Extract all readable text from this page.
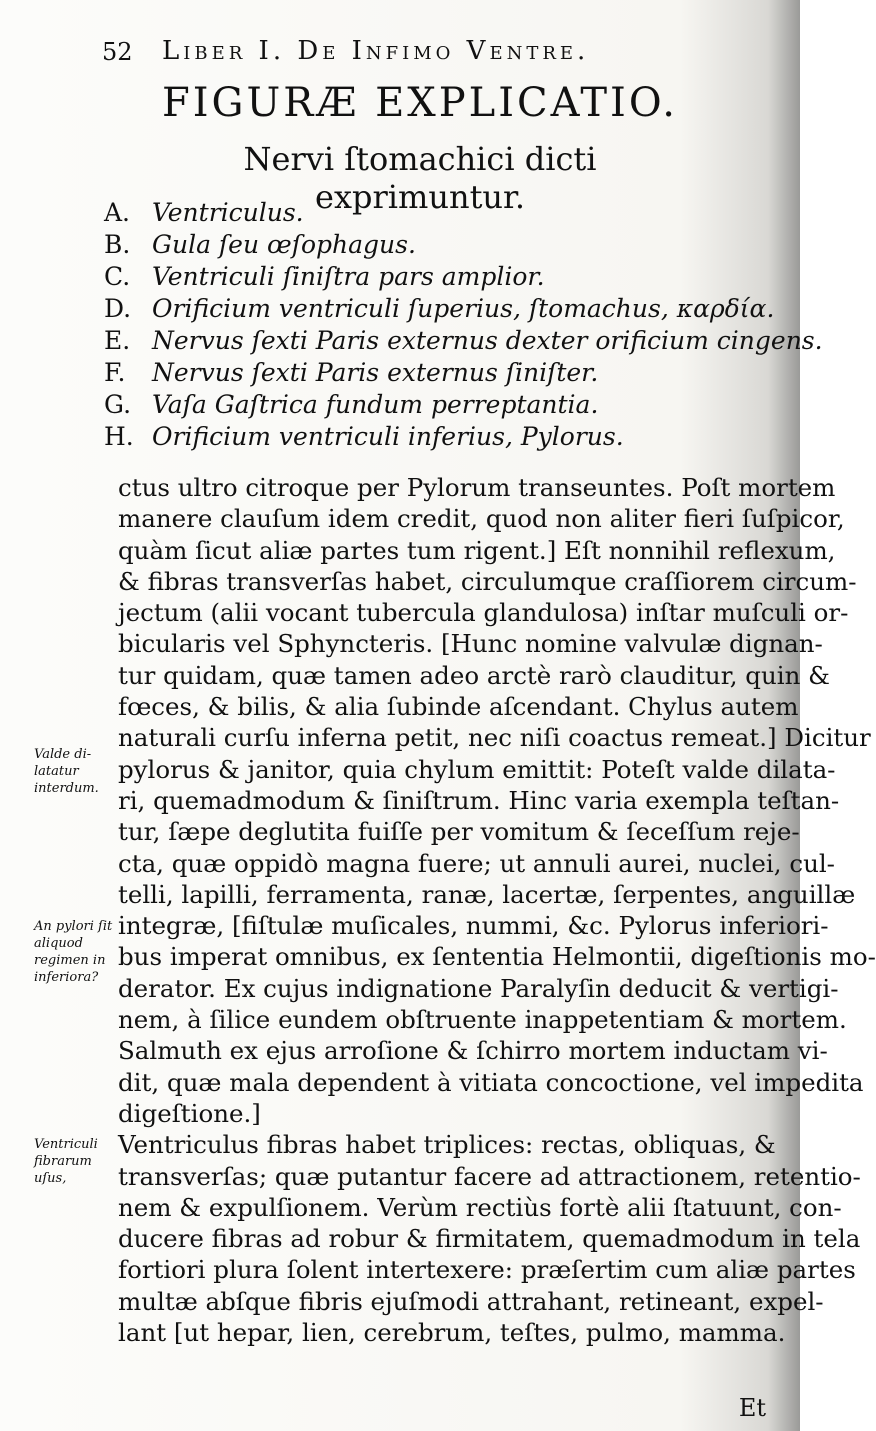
52 Liber I. De Infimo Ventre.
FIGURÆ EXPLICATIO.
Nervi ſtomachici dicti exprimuntur.
A. Ventriculus.
B. Gula ſeu œſophagus.
C. Ventriculi ſiniſtra pars amplior.
D. Orificium ventriculi ſuperius, ſtomachus, καρδία.
E. Nervus ſexti Paris externus dexter orificium cingens.
F. Nervus ſexti Paris externus ſiniſter.
G. Vaſa Gaſtrica fundum perreptantia.
H. Orificium ventriculi inferius, Pylorus.
ctus ultro citroque per Pylorum transeuntes. Poſt mortem
manere clauſum idem credit, quod non aliter fieri ſuſpicor,
quàm ſicut aliæ partes tum rigent.] Eſt nonnihil reflexum,
& fibras transverſas habet, circulumque craſſiorem circum-
jectum (alii vocant tubercula glandulosa) inſtar muſculi or-
bicularis vel Sphyncteris. [Hunc nomine valvulæ dignan-
tur quidam, quæ tamen adeo arctè rarò clauditur, quin &
fœces, & bilis, & alia ſubinde aſcendant. Chylus autem
naturali curſu inferna petit, nec niſi coactus remeat.] Dicitur
pylorus & janitor, quia chylum emittit: Poteſt valde dilata-
ri, quemadmodum & ſiniſtrum. Hinc varia exempla teſtan-
tur, ſæpe deglutita fuiſſe per vomitum & ſeceſſum reje-
cta, quæ oppidò magna fuere; ut annuli aurei, nuclei, cul-
telli, lapilli, ferramenta, ranæ, lacertæ, ſerpentes, anguillæ
integræ, [fiſtulæ muſicales, nummi, &c. Pylorus inferiori-
bus imperat omnibus, ex ſententia Helmontii, digeſtionis mo-
derator. Ex cujus indignatione Paralyſin deducit & vertigi-
nem, à ſilice eundem obſtruente inappetentiam & mortem.
Salmuth ex ejus arroſione & ſchirro mortem inductam vi-
dit, quæ mala dependent à vitiata concoctione, vel impedita
digeſtione.]
Ventriculus fibras habet triplices: rectas, obliquas, &
transverſas; quæ putantur facere ad attractionem, retentio-
nem & expulſionem. Verùm rectiùs fortè alii ſtatuunt, con-
ducere fibras ad robur & firmitatem, quemadmodum in tela
fortiori plura ſolent intertexere: præſertim cum aliæ partes
multæ abſque fibris ejuſmodi attrahant, retineant, expel-
lant [ut hepar, lien, cerebrum, teſtes, pulmo, mamma.
Valde di- latatur interdum.
An pylori ſit aliquod regimen in inferiora?
Ventriculi fibrarum uſus,
Et
